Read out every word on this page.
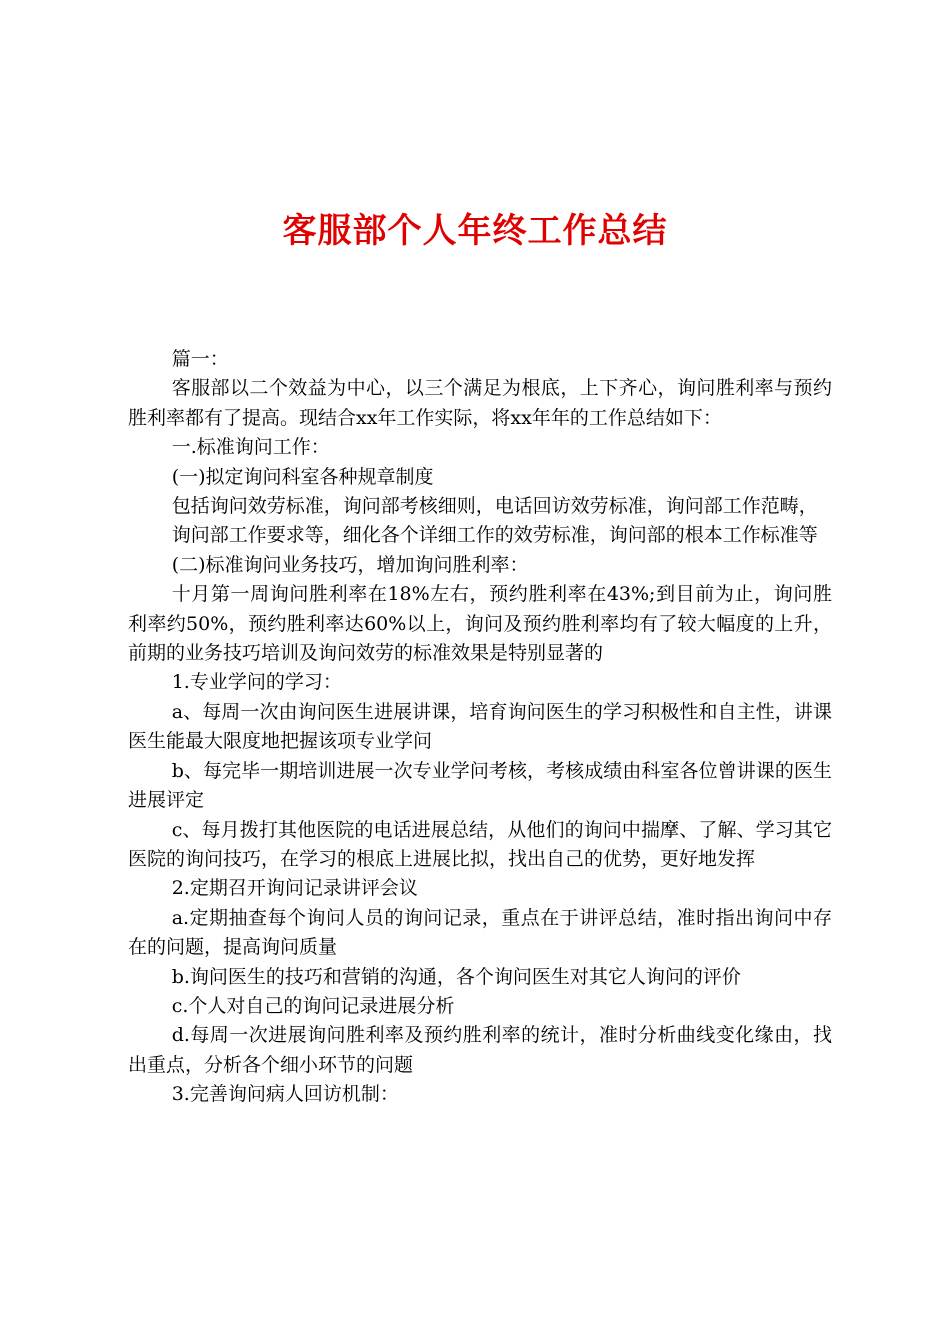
客服部个人年终工作总结

篇一：

客服部以二个效益为中心，以三个满足为根底，上下齐心，询问胜利率与预约胜利率都有了提高。现结合xx年工作实际，将xx年年的工作总结如下：

一.标准询问工作：

(一)拟定询问科室各种规章制度

包括询问效劳标准，询问部考核细则，电话回访效劳标准，询问部工作范畴，

询问部工作要求等，细化各个详细工作的效劳标准，询问部的根本工作标准等

(二)标准询问业务技巧，增加询问胜利率：

十月第一周询问胜利率在18%左右，预约胜利率在43%;到目前为止，询问胜利率约50%，预约胜利率达60%以上，询问及预约胜利率均有了较大幅度的上升，前期的业务技巧培训及询问效劳的标准效果是特别显著的

1.专业学问的学习：

a、每周一次由询问医生进展讲课，培育询问医生的学习积极性和自主性，讲课医生能最大限度地把握该项专业学问

b、每完毕一期培训进展一次专业学问考核，考核成绩由科室各位曾讲课的医生进展评定

c、每月拨打其他医院的电话进展总结，从他们的询问中揣摩、了解、学习其它医院的询问技巧，在学习的根底上进展比拟，找出自己的优势，更好地发挥

2.定期召开询问记录讲评会议

a.定期抽查每个询问人员的询问记录，重点在于讲评总结，准时指出询问中存在的问题，提高询问质量

b.询问医生的技巧和营销的沟通，各个询问医生对其它人询问的评价

c.个人对自己的询问记录进展分析

d.每周一次进展询问胜利率及预约胜利率的统计，准时分析曲线变化缘由，找出重点，分析各个细小环节的问题

3.完善询问病人回访机制：
